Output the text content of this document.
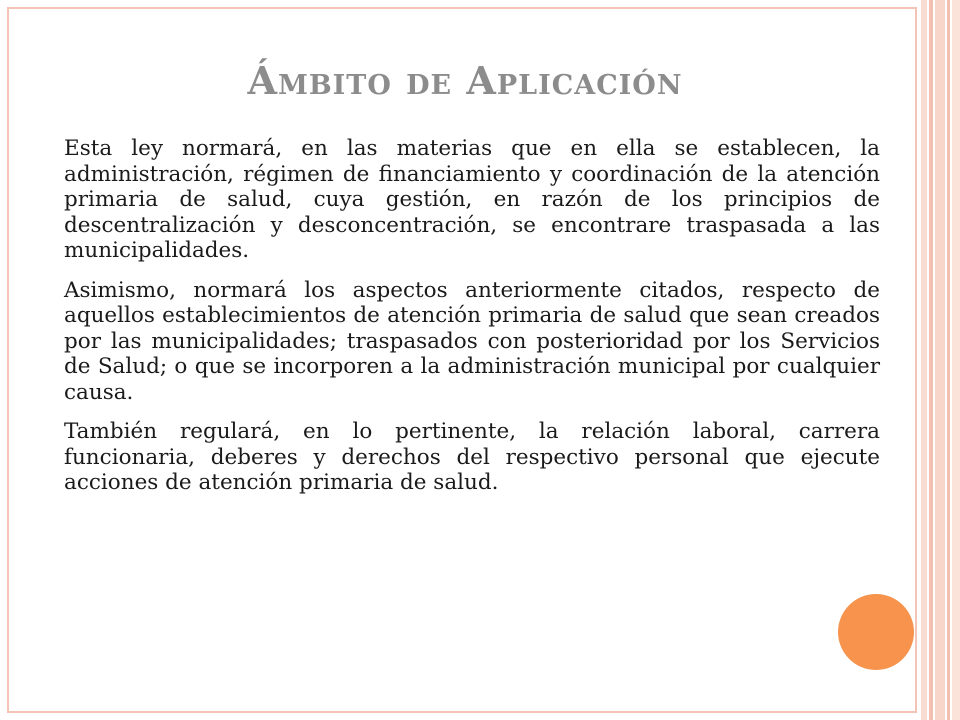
Ámbito de Aplicación

Esta ley normará, en las materias que en ella se establecen, la administración, régimen de financiamiento y coordinación de la atención primaria de salud, cuya gestión, en razón de los principios de descentralización y desconcentración, se encontrare traspasada a las municipalidades.

Asimismo, normará los aspectos anteriormente citados, respecto de aquellos establecimientos de atención primaria de salud que sean creados por las municipalidades; traspasados con posterioridad por los Servicios de Salud; o que se incorporen a la administración municipal por cualquier causa.

También regulará, en lo pertinente, la relación laboral, carrera funcionaria, deberes y derechos del respectivo personal que ejecute acciones de atención primaria de salud.
